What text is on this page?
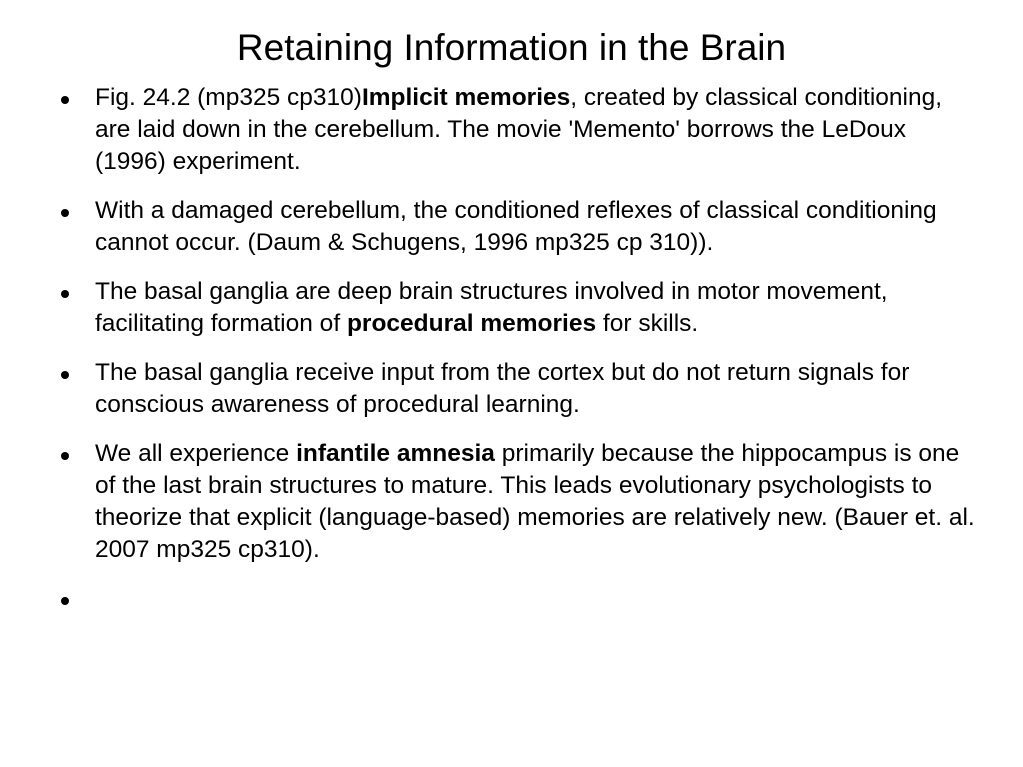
Retaining Information in the Brain
Fig. 24.2 (mp325 cp310)Implicit memories, created by classical conditioning, are laid down in the cerebellum. The movie 'Memento' borrows the LeDoux (1996) experiment.
With a damaged cerebellum, the conditioned reflexes of classical conditioning cannot occur. (Daum & Schugens, 1996 mp325 cp 310)).
The basal ganglia are deep brain structures involved in motor movement, facilitating formation of procedural memories for skills.
The basal ganglia receive input from the cortex but do not return signals for conscious awareness of procedural learning.
We all experience infantile amnesia primarily because the hippocampus is one of the last brain structures to mature. This leads evolutionary psychologists to theorize that explicit (language-based) memories are relatively new. (Bauer et. al. 2007 mp325 cp310).
